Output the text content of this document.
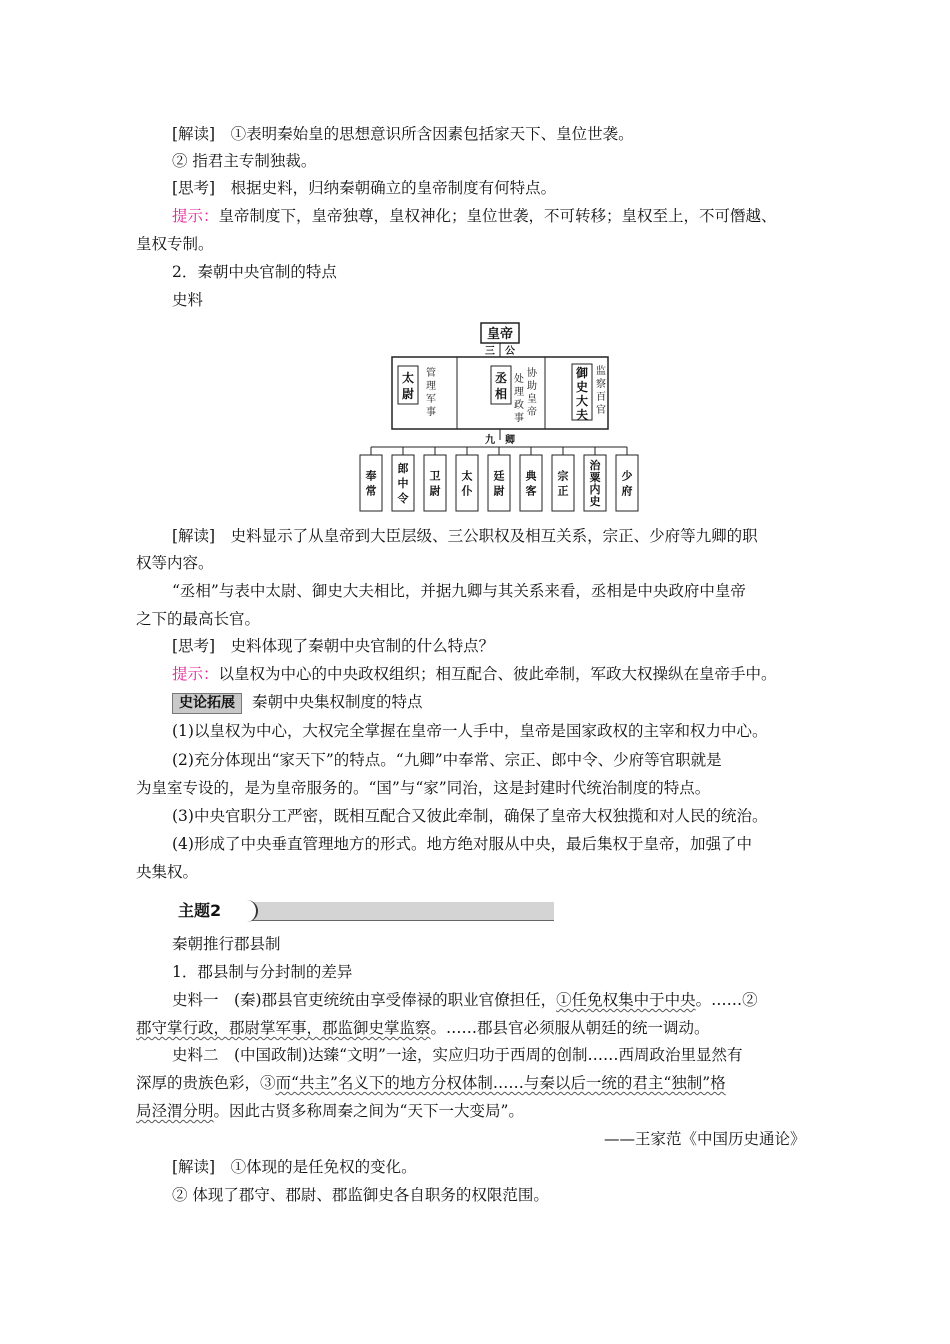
[解读]　①表明秦始皇的思想意识所含因素包括家天下、皇位世袭。
② 指君主专制独裁。
[思考]　根据史料，归纳秦朝确立的皇帝制度有何特点。
提示：皇帝制度下，皇帝独尊，皇权神化；皇位世袭，不可转移；皇权至上，不可僭越、
皇权专制。
2．秦朝中央官制的特点
史料
皇帝
三　公
九　卿
太尉
丞相
御史大夫
管理军事
协助皇帝
处理政事
监察百官
奉常
郎中令
卫尉
太仆
廷尉
典客
宗正
治粟内史
少府
[解读]　史料显示了从皇帝到大臣层级、三公职权及相互关系，宗正、少府等九卿的职
权等内容。
“丞相”与表中太尉、御史大夫相比，并据九卿与其关系来看，丞相是中央政府中皇帝
之下的最高长官。
[思考]　史料体现了秦朝中央官制的什么特点？
提示：以皇权为中心的中央政权组织；相互配合、彼此牵制，军政大权操纵在皇帝手中。
史论拓展 秦朝中央集权制度的特点
(1)以皇权为中心，大权完全掌握在皇帝一人手中，皇帝是国家政权的主宰和权力中心。
(2)充分体现出“家天下”的特点。“九卿”中奉常、宗正、郎中令、少府等官职就是
为皇室专设的，是为皇帝服务的。“国”与“家”同治，这是封建时代统治制度的特点。
(3)中央官职分工严密，既相互配合又彼此牵制，确保了皇帝大权独揽和对人民的统治。
(4)形成了中央垂直管理地方的形式。地方绝对服从中央，最后集权于皇帝，加强了中
央集权。
主题2
秦朝推行郡县制
1．郡县制与分封制的差异
史料一　(秦)郡县官吏统统由享受俸禄的职业官僚担任，①任免权集中于中央。……②
郡守掌行政，郡尉掌军事，郡监御史掌监察。……郡县官必须服从朝廷的统一调动。
史料二　(中国政制)达臻“文明”一途，实应归功于西周的创制……西周政治里显然有
深厚的贵族色彩，③而“共主”名义下的地方分权体制……与秦以后一统的君主“独制”格
局泾渭分明。因此古贤多称周秦之间为“天下一大变局”。
——王家范《中国历史通论》
[解读]　①体现的是任免权的变化。
② 体现了郡守、郡尉、郡监御史各自职务的权限范围。
